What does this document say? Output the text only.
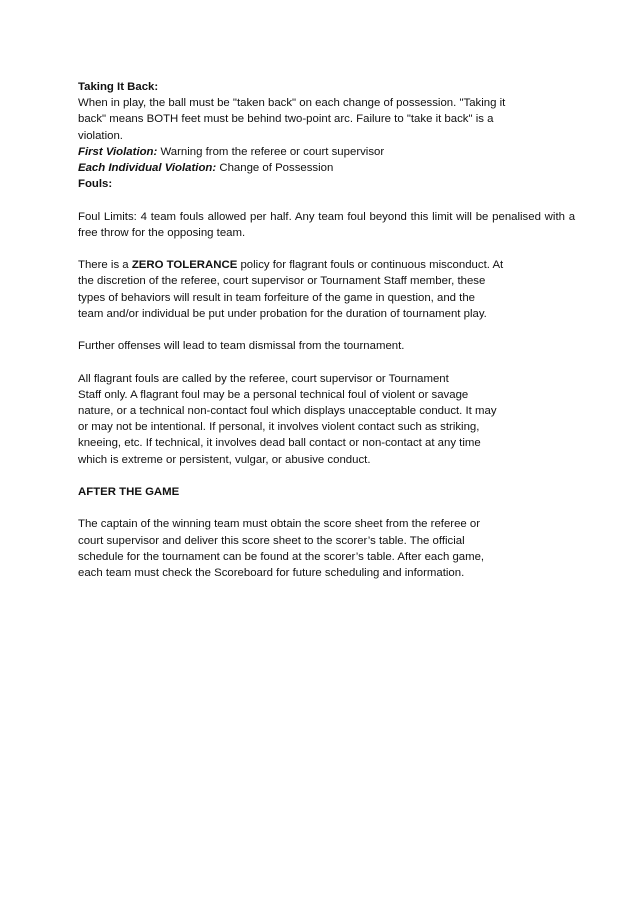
Taking It Back:
When in play, the ball must be "taken back" on each change of possession. "Taking it
back" means BOTH feet must be behind two-point arc. Failure to "take it back" is a
violation.
First Violation: Warning from the referee or court supervisor
Each Individual Violation: Change of Possession
Fouls:
Foul Limits: 4 team fouls allowed per half. Any team foul beyond this limit will be penalised with a
free throw for the opposing team.
There is a ZERO TOLERANCE policy for flagrant fouls or continuous misconduct. At
the discretion of the referee, court supervisor or Tournament Staff member, these
types of behaviors will result in team forfeiture of the game in question, and the
team and/or individual be put under probation for the duration of tournament play.
Further offenses will lead to team dismissal from the tournament.
All flagrant fouls are called by the referee, court supervisor or Tournament
Staff only. A flagrant foul may be a personal technical foul of violent or savage
nature, or a technical non-contact foul which displays unacceptable conduct. It may
or may not be intentional. If personal, it involves violent contact such as striking,
kneeing, etc. If technical, it involves dead ball contact or non-contact at any time
which is extreme or persistent, vulgar, or abusive conduct.
AFTER THE GAME
The captain of the winning team must obtain the score sheet from the referee or
court supervisor and deliver this score sheet to the scorer’s table. The official
schedule for the tournament can be found at the scorer’s table. After each game,
each team must check the Scoreboard for future scheduling and information.
